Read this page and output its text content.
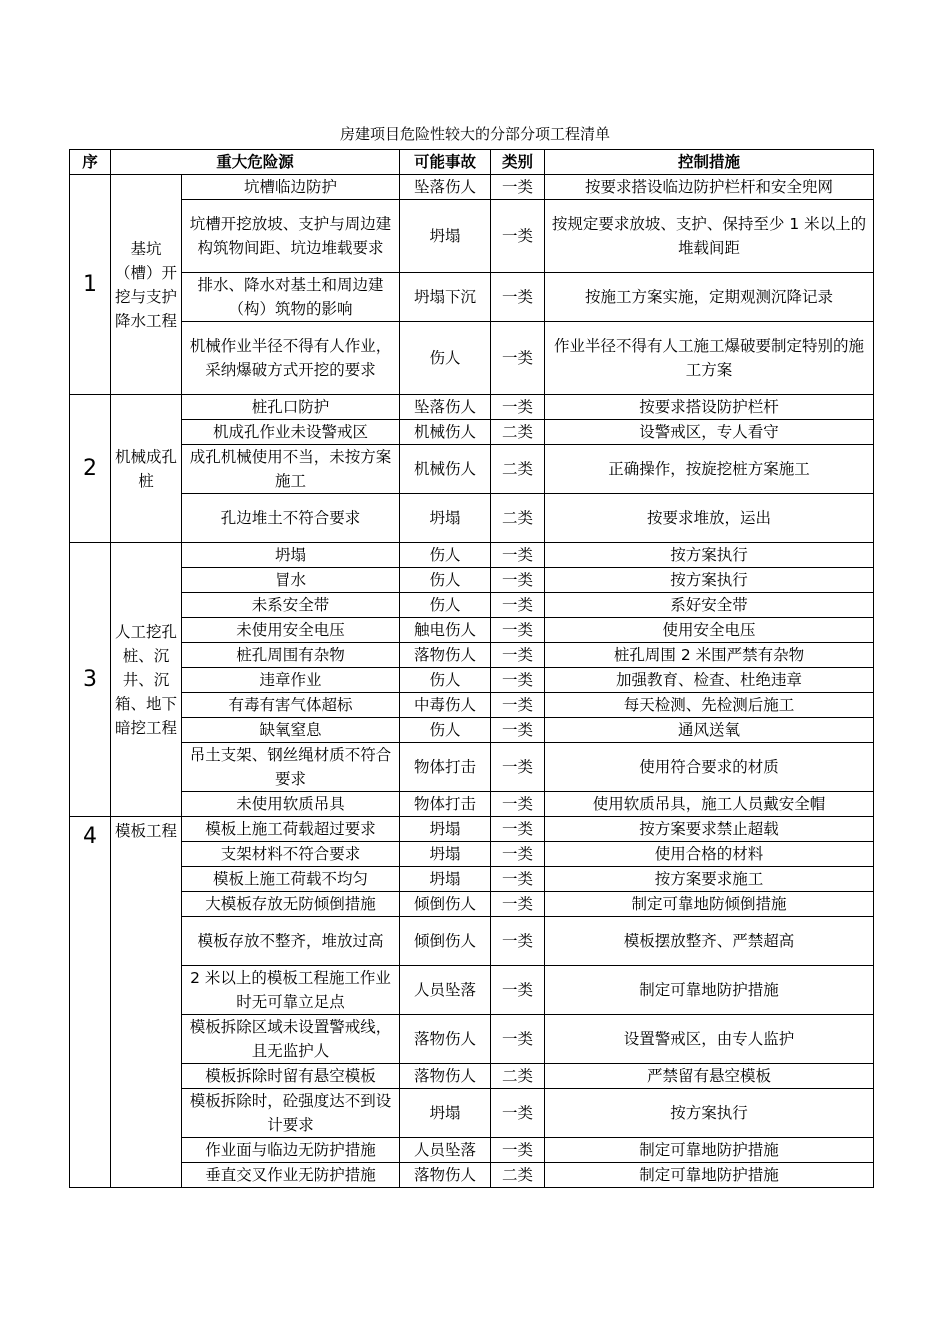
房建项目危险性较大的分部分项工程清单
序	重大危险源		可能事故	类别	控制措施
1	基坑（槽）开挖与支护降水工程	坑槽临边防护	坠落伤人	一类	按要求搭设临边防护栏杆和安全兜网
		坑槽开挖放坡、支护与周边建构筑物间距、坑边堆载要求	坍塌	一类	按规定要求放坡、支护、保持至少 1 米以上的堆载间距
		排水、降水对基土和周边建（构）筑物的影响	坍塌下沉	一类	按施工方案实施，定期观测沉降记录
		机械作业半径不得有人作业，采纳爆破方式开挖的要求	伤人	一类	作业半径不得有人工施工爆破要制定特别的施工方案
2	机械成孔桩	桩孔口防护	坠落伤人	一类	按要求搭设防护栏杆
		机成孔作业未设警戒区	机械伤人	二类	设警戒区，专人看守
		成孔机械使用不当，未按方案施工	机械伤人	二类	正确操作，按旋挖桩方案施工
		孔边堆土不符合要求	坍塌	二类	按要求堆放，运出
3	人工挖孔桩、沉井、沉箱、地下暗挖工程	坍塌	伤人	一类	按方案执行
		冒水	伤人	一类	按方案执行
		未系安全带	伤人	一类	系好安全带
		未使用安全电压	触电伤人	一类	使用安全电压
		桩孔周围有杂物	落物伤人	一类	桩孔周围 2 米围严禁有杂物
		违章作业	伤人	一类	加强教育、检查、杜绝违章
		有毒有害气体超标	中毒伤人	一类	每天检测、先检测后施工
		缺氧窒息	伤人	一类	通风送氧
		吊土支架、钢丝绳材质不符合要求	物体打击	一类	使用符合要求的材质
		未使用软质吊具	物体打击	一类	使用软质吊具，施工人员戴安全帽
4	模板工程	模板上施工荷载超过要求	坍塌	一类	按方案要求禁止超载
		支架材料不符合要求	坍塌	一类	使用合格的材料
		模板上施工荷载不均匀	坍塌	一类	按方案要求施工
		大模板存放无防倾倒措施	倾倒伤人	一类	制定可靠地防倾倒措施
		模板存放不整齐，堆放过高	倾倒伤人	一类	模板摆放整齐、严禁超高
		2 米以上的模板工程施工作业时无可靠立足点	人员坠落	一类	制定可靠地防护措施
		模板拆除区域未设置警戒线，且无监护人	落物伤人	一类	设置警戒区，由专人监护
		模板拆除时留有悬空模板	落物伤人	二类	严禁留有悬空模板
		模板拆除时，砼强度达不到设计要求	坍塌	一类	按方案执行
		作业面与临边无防护措施	人员坠落	一类	制定可靠地防护措施
		垂直交叉作业无防护措施	落物伤人	二类	制定可靠地防护措施
